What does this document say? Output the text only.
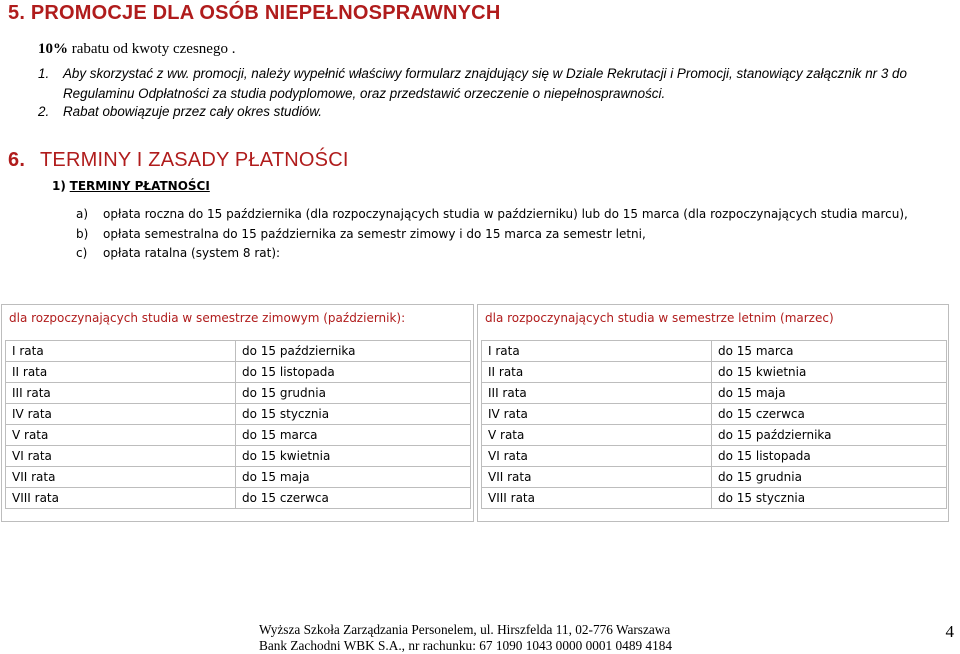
5. PROMOCJE DLA OSÓB NIEPEŁNOSPRAWNYCH
10% rabatu od kwoty czesnego .
1. Aby skorzystać z ww. promocji, należy wypełnić właściwy formularz znajdujący się w Dziale Rekrutacji i Promocji, stanowiący załącznik nr 3 do
Regulaminu Odpłatności za studia podyplomowe, oraz przedstawić orzeczenie o niepełnosprawności.
2. Rabat obowiązuje przez cały okres studiów.
6. TERMINY I ZASADY PŁATNOŚCI
1) TERMINY PŁATNOŚCI
a) opłata roczna do 15 października (dla rozpoczynających studia w październiku) lub do 15 marca (dla rozpoczynających studia marcu),
b) opłata semestralna do 15 października za semestr zimowy i do 15 marca za semestr letni,
c) opłata ratalna (system 8 rat):
dla rozpoczynających studia w semestrze zimowym (październik):
I rata	do 15 października
II rata	do 15 listopada
III rata	do 15 grudnia
IV rata	do 15 stycznia
V rata	do 15 marca
VI rata	do 15 kwietnia
VII rata	do 15 maja
VIII rata	do 15 czerwca
dla rozpoczynających studia w semestrze letnim (marzec)
I rata	do 15 marca
II rata	do 15 kwietnia
III rata	do 15 maja
IV rata	do 15 czerwca
V rata	do 15 października
VI rata	do 15 listopada
VII rata	do 15 grudnia
VIII rata	do 15 stycznia
Wyższa Szkoła Zarządzania Personelem, ul. Hirszfelda 11, 02-776 Warszawa
Bank Zachodni WBK S.A., nr rachunku: 67 1090 1043 0000 0001 0489 4184
4
